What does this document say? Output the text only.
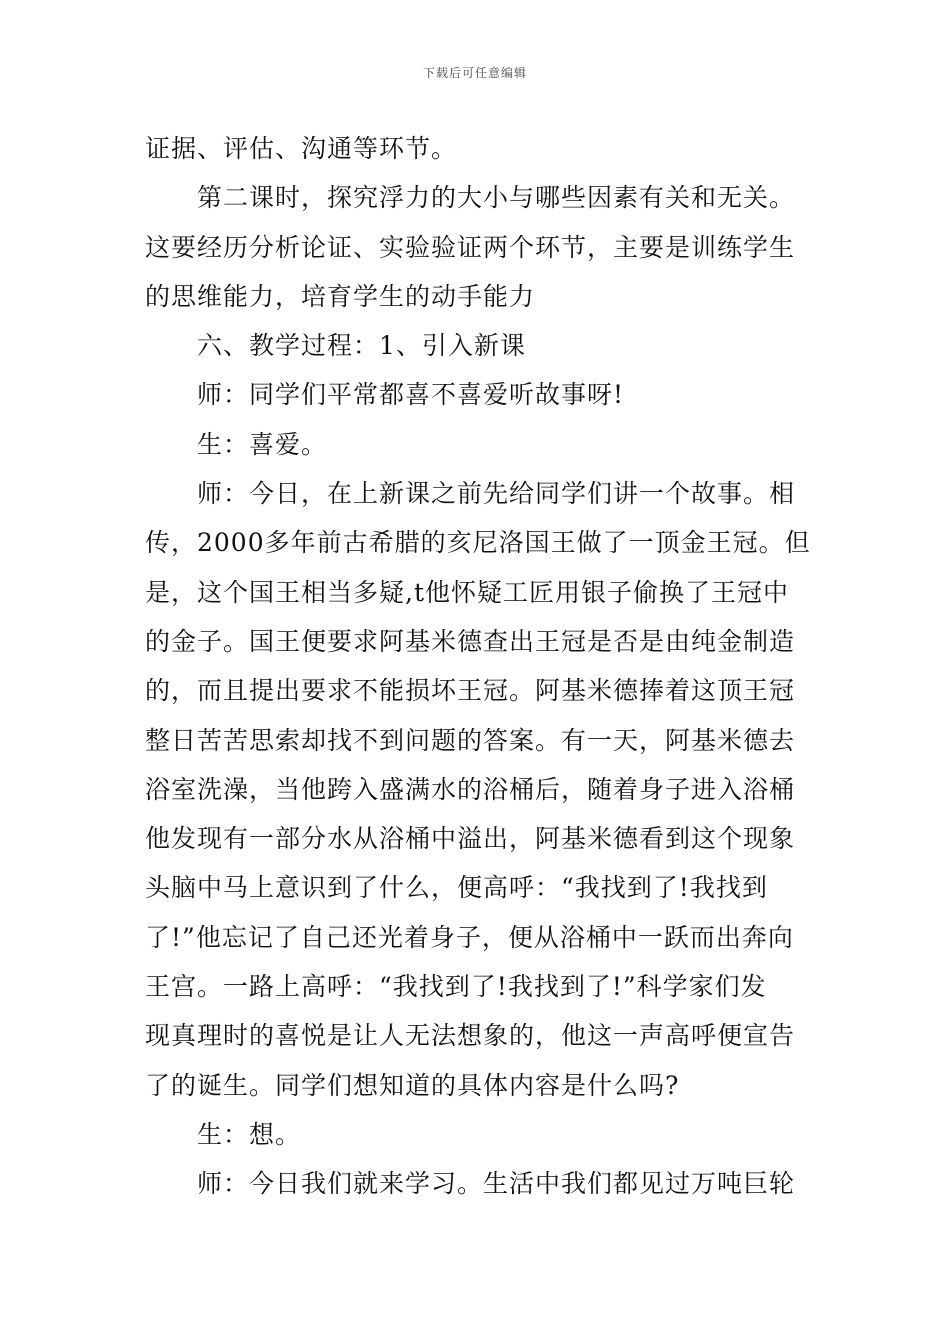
下载后可任意编辑
证据、评估、沟通等环节。
第二课时，探究浮力的大小与哪些因素有关和无关。
这要经历分析论证、实验验证两个环节，主要是训练学生
的思维能力，培育学生的动手能力
六、教学过程：1、引入新课
师：同学们平常都喜不喜爱听故事呀!
生：喜爱。
师：今日，在上新课之前先给同学们讲一个故事。相
传，2000多年前古希腊的亥尼洛国王做了一顶金王冠。但
是，这个国王相当多疑,t他怀疑工匠用银子偷换了王冠中
的金子。国王便要求阿基米德查出王冠是否是由纯金制造
的，而且提出要求不能损坏王冠。阿基米德捧着这顶王冠
整日苦苦思索却找不到问题的答案。有一天，阿基米德去
浴室洗澡，当他跨入盛满水的浴桶后，随着身子进入浴桶
他发现有一部分水从浴桶中溢出，阿基米德看到这个现象
头脑中马上意识到了什么，便高呼：“我找到了!我找到
了!”他忘记了自己还光着身子，便从浴桶中一跃而出奔向
王宫。一路上高呼：“我找到了!我找到了!”科学家们发
现真理时的喜悦是让人无法想象的，他这一声高呼便宣告
了的诞生。同学们想知道的具体内容是什么吗?
生：想。
师：今日我们就来学习。生活中我们都见过万吨巨轮
